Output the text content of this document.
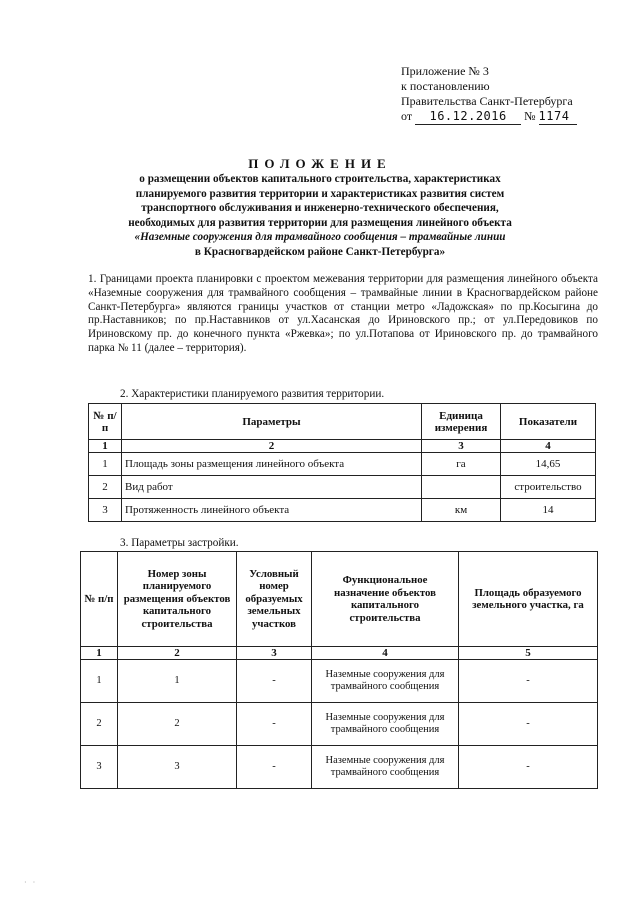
Приложение № 3
к постановлению
Правительства Санкт-Петербурга
от 16.12.2016 № 1174
ПОЛОЖЕНИЕ
о размещении объектов капитального строительства, характеристиках
планируемого развития территории и характеристиках развития систем
транспортного обслуживания и инженерно-технического обеспечения,
необходимых для развития территории для размещения линейного объекта
«Наземные сооружения для трамвайного сообщения – трамвайные линии
в Красногвардейском районе Санкт-Петербурга»
1. Границами проекта планировки с проектом межевания территории для размещения линейного объекта «Наземные сооружения для трамвайного сообщения – трамвайные линии в Красногвардейском районе Санкт-Петербурга» являются границы участков от станции метро «Ладожская» по пр.Косыгина до пр.Наставников; по пр.Наставников от ул.Хасанская до Ириновского пр.; от ул.Передовиков по Ириновскому пр. до конечного пункта «Ржевка»; по ул.Потапова от Ириновского пр. до трамвайного парка № 11 (далее – территория).
2. Характеристики планируемого развития территории.
№ п/п	Параметры	Единица измерения	Показатели
1	2	3	4
1	Площадь зоны размещения линейного объекта	га	14,65
2	Вид работ		строительство
3	Протяженность линейного объекта	км	14
3. Параметры застройки.
№ п/п	Номер зоны планируемого размещения объектов капитального строительства	Условный номер образуемых земельных участков	Функциональное назначение объектов капитального строительства	Площадь образуемого земельного участка, га
1	2	3	4	5
1	1	-	Наземные сооружения для трамвайного сообщения	-
2	2	-	Наземные сооружения для трамвайного сообщения	-
3	3	-	Наземные сооружения для трамвайного сообщения	-
· ·
